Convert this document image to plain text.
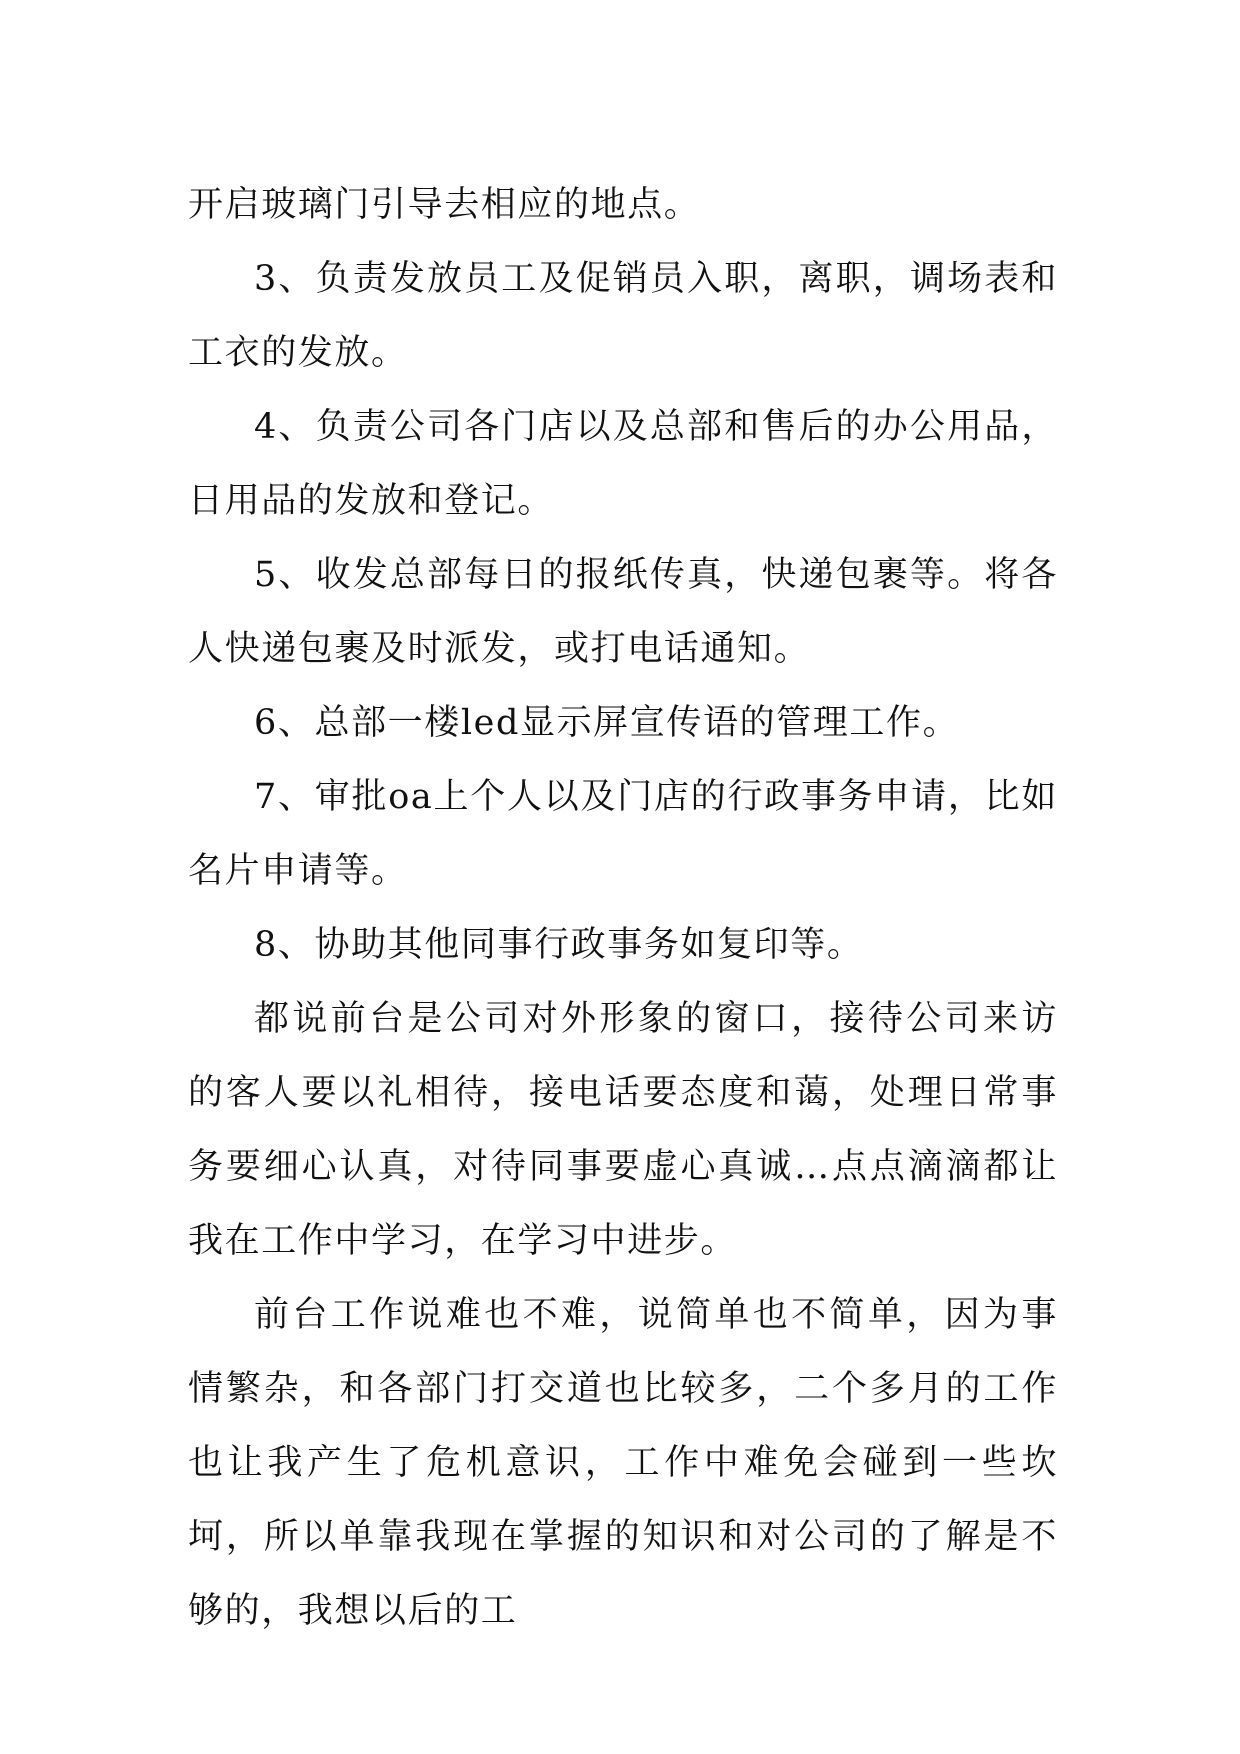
开启玻璃门引导去相应的地点。

3、负责发放员工及促销员入职，离职，调场表和工衣的发放。

4、负责公司各门店以及总部和售后的办公用品，日用品的发放和登记。

5、收发总部每日的报纸传真，快递包裹等。将各人快递包裹及时派发，或打电话通知。

6、总部一楼led显示屏宣传语的管理工作。

7、审批oa上个人以及门店的行政事务申请，比如名片申请等。

8、协助其他同事行政事务如复印等。

都说前台是公司对外形象的窗口，接待公司来访的客人要以礼相待，接电话要态度和蔼，处理日常事务要细心认真，对待同事要虚心真诚…点点滴滴都让我在工作中学习，在学习中进步。

前台工作说难也不难，说简单也不简单，因为事情繁杂，和各部门打交道也比较多，二个多月的工作也让我产生了危机意识，工作中难免会碰到一些坎坷，所以单靠我现在掌握的知识和对公司的了解是不够的，我想以后的工
